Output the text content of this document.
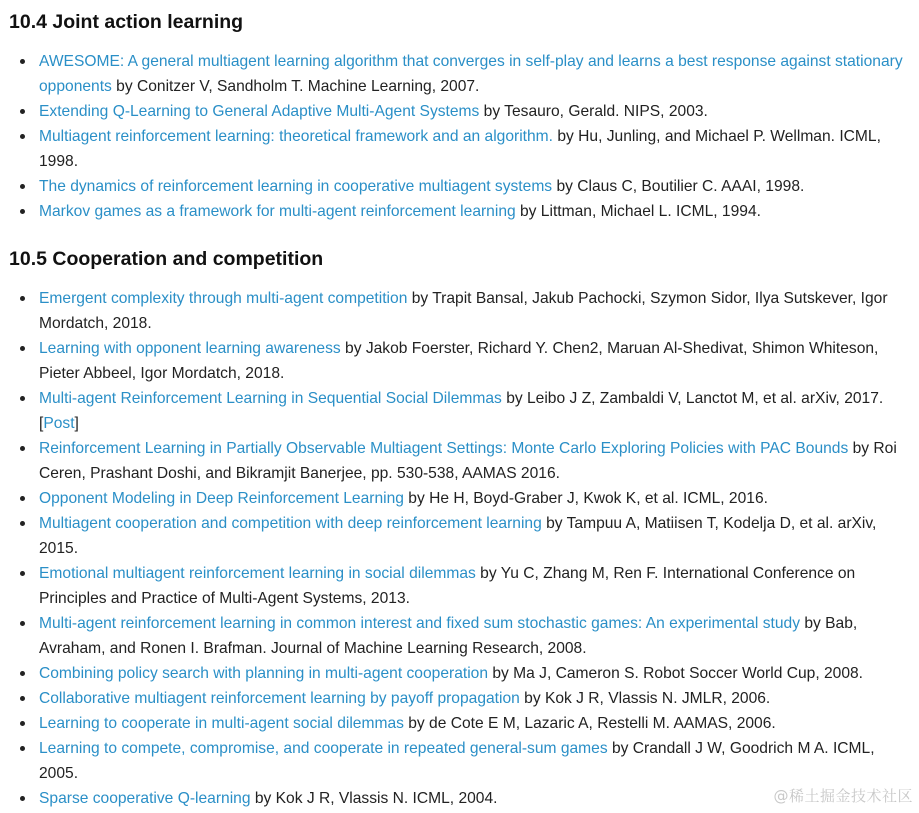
10.4 Joint action learning
AWESOME: A general multiagent learning algorithm that converges in self-play and learns a best response against stationary opponents by Conitzer V, Sandholm T. Machine Learning, 2007.
Extending Q-Learning to General Adaptive Multi-Agent Systems by Tesauro, Gerald. NIPS, 2003.
Multiagent reinforcement learning: theoretical framework and an algorithm. by Hu, Junling, and Michael P. Wellman. ICML, 1998.
The dynamics of reinforcement learning in cooperative multiagent systems by Claus C, Boutilier C. AAAI, 1998.
Markov games as a framework for multi-agent reinforcement learning by Littman, Michael L. ICML, 1994.
10.5 Cooperation and competition
Emergent complexity through multi-agent competition by Trapit Bansal, Jakub Pachocki, Szymon Sidor, Ilya Sutskever, Igor Mordatch, 2018.
Learning with opponent learning awareness by Jakob Foerster, Richard Y. Chen2, Maruan Al-Shedivat, Shimon Whiteson, Pieter Abbeel, Igor Mordatch, 2018.
Multi-agent Reinforcement Learning in Sequential Social Dilemmas by Leibo J Z, Zambaldi V, Lanctot M, et al. arXiv, 2017. [Post]
Reinforcement Learning in Partially Observable Multiagent Settings: Monte Carlo Exploring Policies with PAC Bounds by Roi Ceren, Prashant Doshi, and Bikramjit Banerjee, pp. 530-538, AAMAS 2016.
Opponent Modeling in Deep Reinforcement Learning by He H, Boyd-Graber J, Kwok K, et al. ICML, 2016.
Multiagent cooperation and competition with deep reinforcement learning by Tampuu A, Matiisen T, Kodelja D, et al. arXiv, 2015.
Emotional multiagent reinforcement learning in social dilemmas by Yu C, Zhang M, Ren F. International Conference on Principles and Practice of Multi-Agent Systems, 2013.
Multi-agent reinforcement learning in common interest and fixed sum stochastic games: An experimental study by Bab, Avraham, and Ronen I. Brafman. Journal of Machine Learning Research, 2008.
Combining policy search with planning in multi-agent cooperation by Ma J, Cameron S. Robot Soccer World Cup, 2008.
Collaborative multiagent reinforcement learning by payoff propagation by Kok J R, Vlassis N. JMLR, 2006.
Learning to cooperate in multi-agent social dilemmas by de Cote E M, Lazaric A, Restelli M. AAMAS, 2006.
Learning to compete, compromise, and cooperate in repeated general-sum games by Crandall J W, Goodrich M A. ICML, 2005.
Sparse cooperative Q-learning by Kok J R, Vlassis N. ICML, 2004.	@稀土掘金技术社区
